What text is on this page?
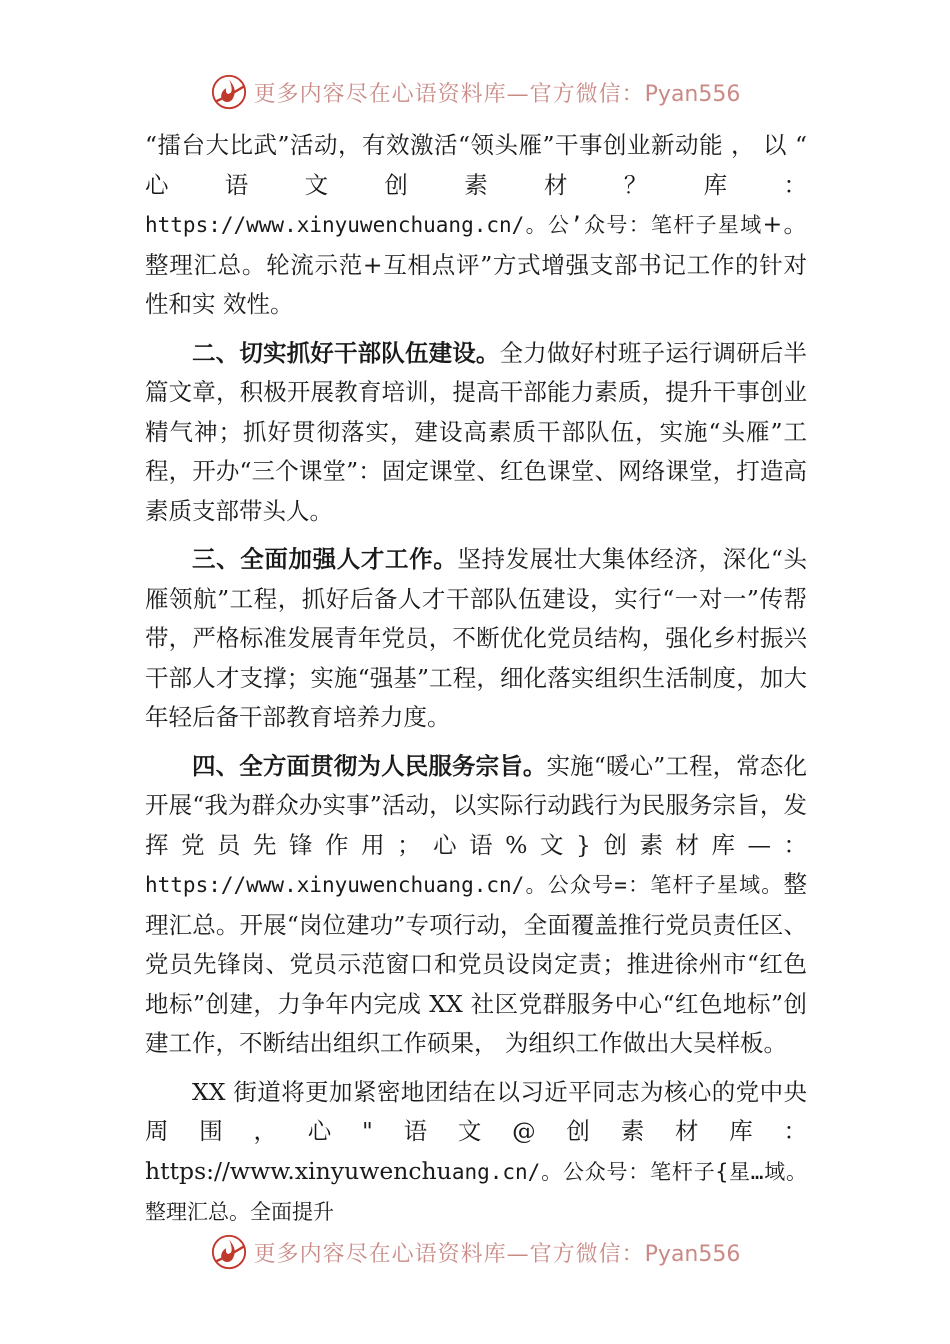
更多内容尽在心语资料库—官方微信：Pyan556

“擂台大比武”活动，有效激活“领头雁”干事创业新动能 ， 以 “ 心 语 文 创 素 材 ？ 库 ：https://www.xinyuwenchuang.cn/。公’众号：笔杆子星域+。整理汇总。轮流示范+互相点评”方式增强支部书记工作的针对性和实 效性。

二、切实抓好干部队伍建设。全力做好村班子运行调研后半篇文章，积极开展教育培训，提高干部能力素质，提升干事创业精气神；抓好贯彻落实，建设高素质干部队伍，实施“头雁”工程，开办“三个课堂”：固定课堂、红色课堂、网络课堂，打造高素质支部带头人。

三、全面加强人才工作。坚持发展壮大集体经济，深化“头雁领航”工程，抓好后备人才干部队伍建设，实行“一对一”传帮带，严格标准发展青年党员，不断优化党员结构，强化乡村振兴干部人才支撑；实施“强基”工程，细化落实组织生活制度，加大年轻后备干部教育培养力度。

四、全方面贯彻为人民服务宗旨。实施“暖心”工程，常态化开展“我为群众办实事”活动，以实际行动践行为民服务宗旨，发挥党员先锋作用；心语%文}创素材库—：https://www.xinyuwenchuang.cn/。公众号=：笔杆子星域。整理汇总。开展“岗位建功”专项行动，全面覆盖推行党员责任区、党员先锋岗、党员示范窗口和党员设岗定责；推进徐州市“红色地标”创建，力争年内完成 XX 社区党群服务中心“红色地标”创建工作，不断结出组织工作硕果， 为组织工作做出大吴样板。

XX 街道将更加紧密地团结在以习近平同志为核心的党中央周围，心"语文@创素材库：https://www.xinyuwenchuang.cn/。公众号：笔杆子{星…域。整理汇总。全面提升

更多内容尽在心语资料库—官方微信：Pyan556
